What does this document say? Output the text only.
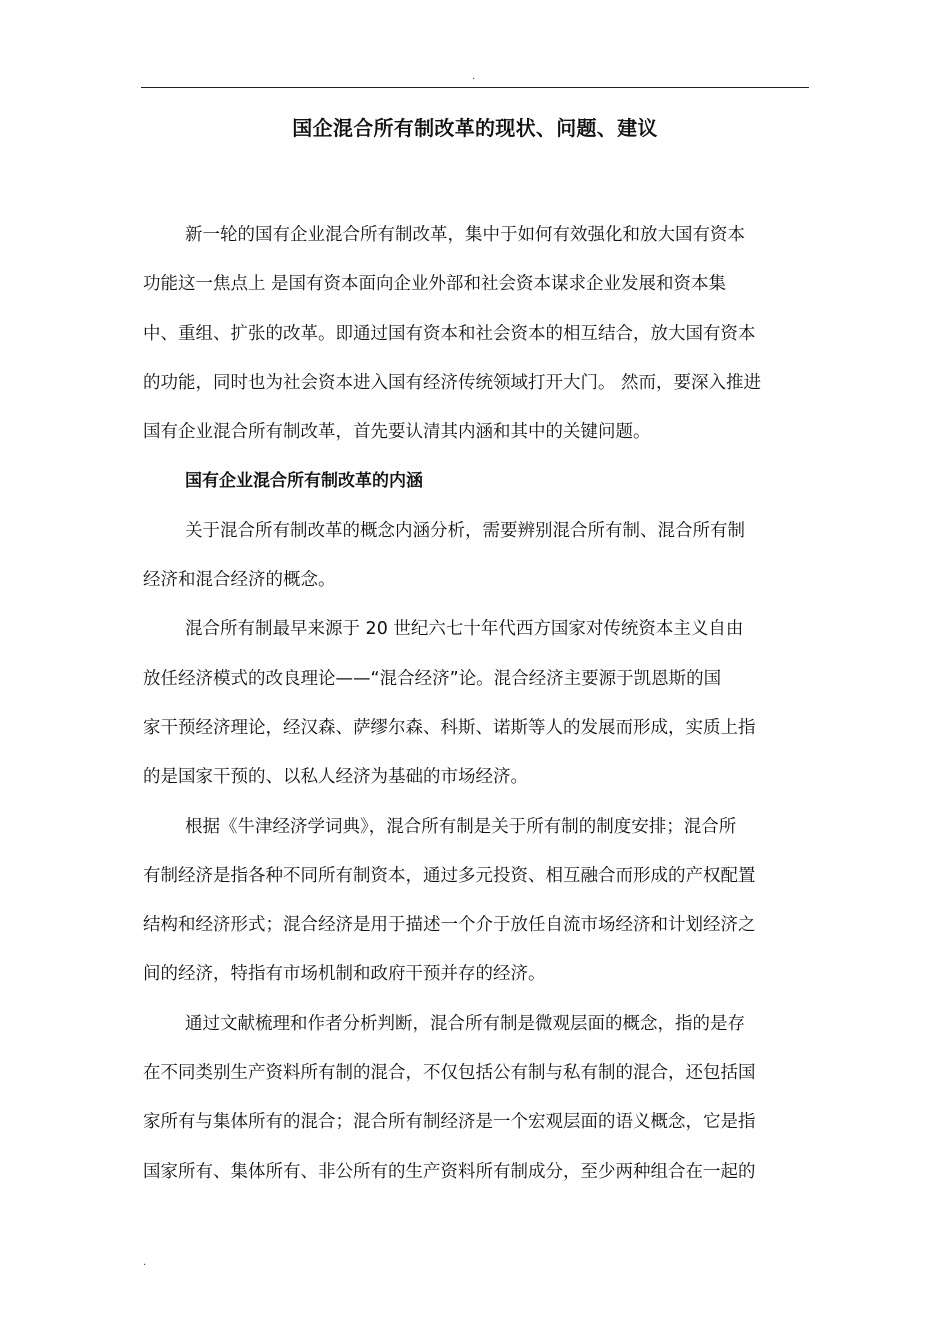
.
国企混合所有制改革的现状、问题、建议

新一轮的国有企业混合所有制改革，集中于如何有效强化和放大国有资本
功能这一焦点上 是国有资本面向企业外部和社会资本谋求企业发展和资本集
中、重组、扩张的改革。即通过国有资本和社会资本的相互结合，放大国有资本
的功能，同时也为社会资本进入国有经济传统领域打开大门。 然而，要深入推进
国有企业混合所有制改革，首先要认清其内涵和其中的关键问题。

国有企业混合所有制改革的内涵

关于混合所有制改革的概念内涵分析，需要辨别混合所有制、混合所有制
经济和混合经济的概念。

混合所有制最早来源于 20 世纪六七十年代西方国家对传统资本主义自由
放任经济模式的改良理论——“混合经济”论。混合经济主要源于凯恩斯的国
家干预经济理论，经汉森、萨缪尔森、科斯、诺斯等人的发展而形成，实质上指
的是国家干预的、以私人经济为基础的市场经济。

根据《牛津经济学词典》，混合所有制是关于所有制的制度安排；混合所
有制经济是指各种不同所有制资本，通过多元投资、相互融合而形成的产权配置
结构和经济形式；混合经济是用于描述一个介于放任自流市场经济和计划经济之
间的经济，特指有市场机制和政府干预并存的经济。

通过文献梳理和作者分析判断，混合所有制是微观层面的概念，指的是存
在不同类别生产资料所有制的混合，不仅包括公有制与私有制的混合，还包括国
家所有与集体所有的混合；混合所有制经济是一个宏观层面的语义概念，它是指
国家所有、集体所有、非公所有的生产资料所有制成分，至少两种组合在一起的

.
